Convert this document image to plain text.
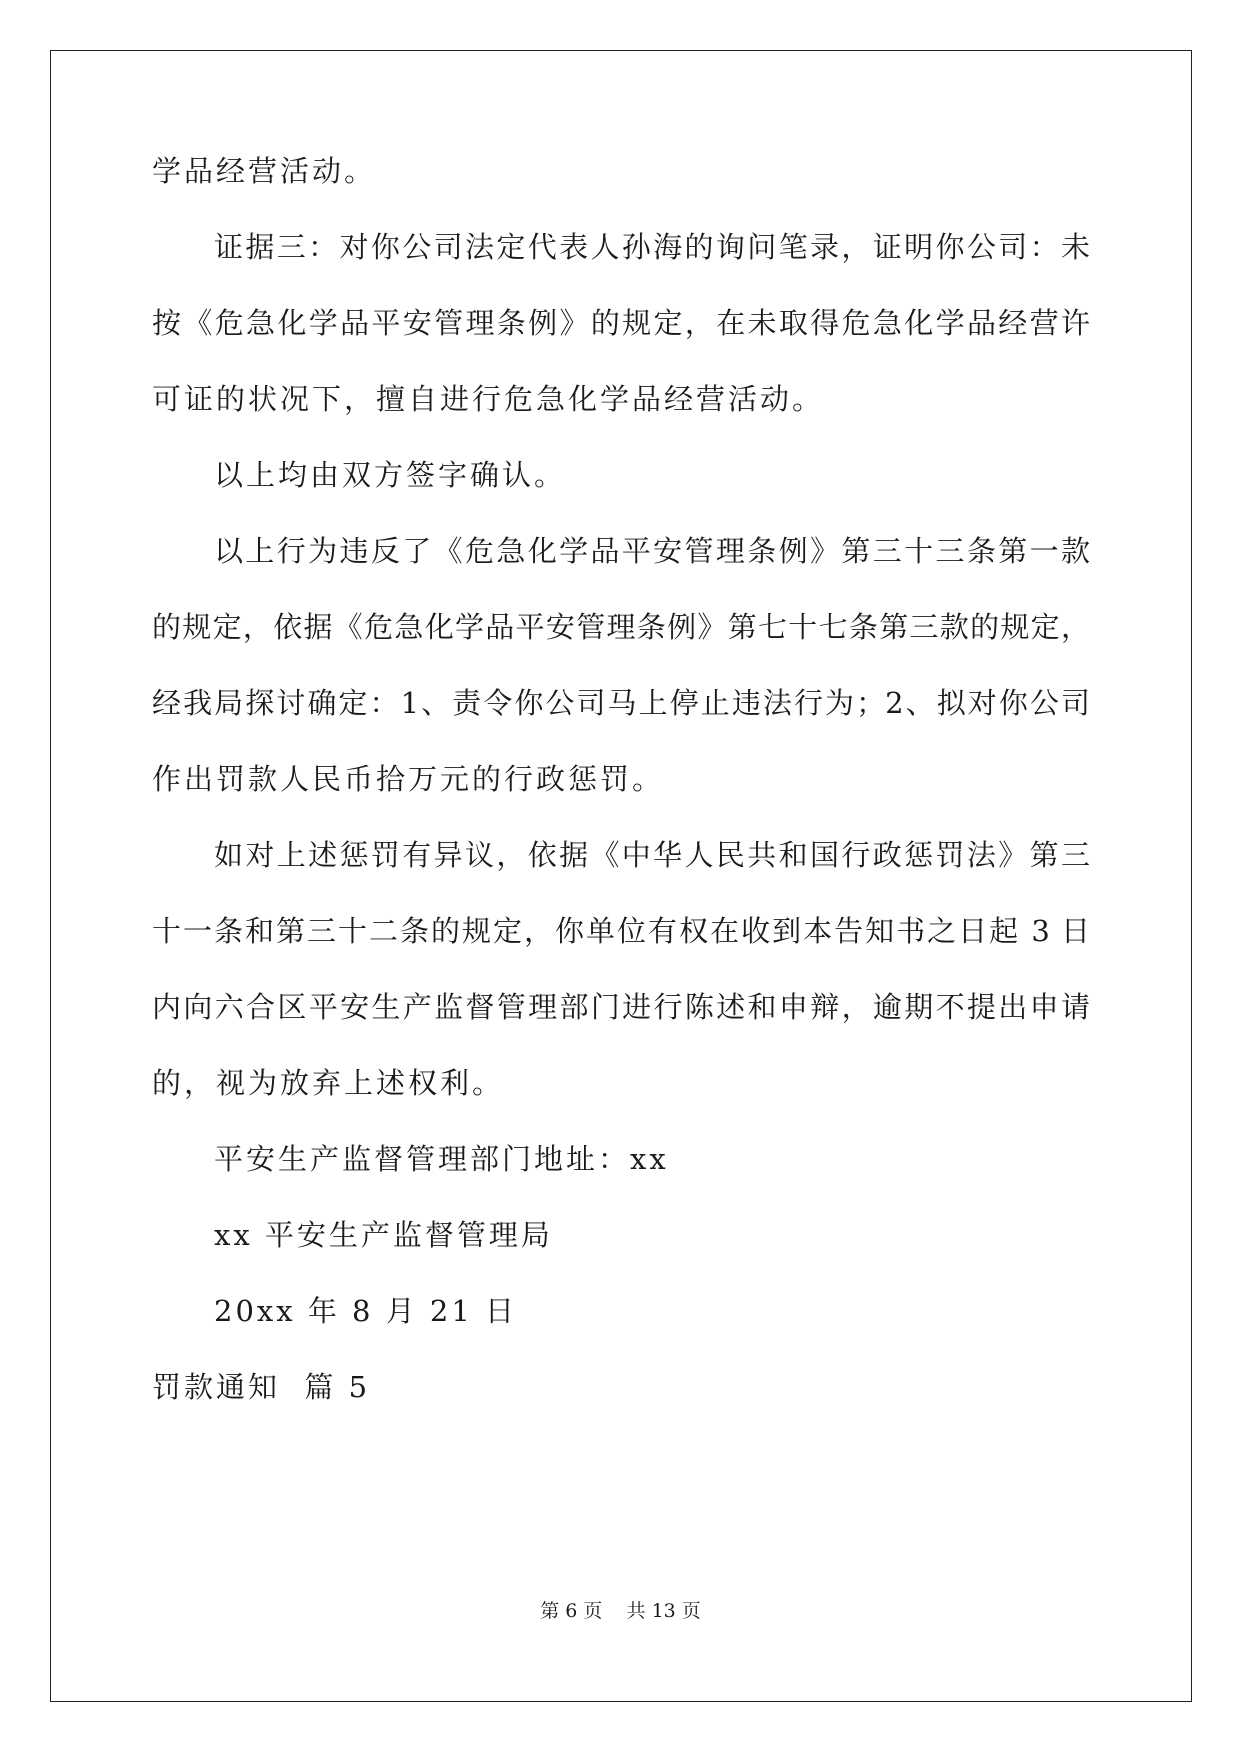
学品经营活动。
证据三：对你公司法定代表人孙海的询问笔录，证明你公司：未
按《危急化学品平安管理条例》的规定，在未取得危急化学品经营许
可证的状况下，擅自进行危急化学品经营活动。
以上均由双方签字确认。
以上行为违反了《危急化学品平安管理条例》第三十三条第一款
的规定，依据《危急化学品平安管理条例》第七十七条第三款的规定，
经我局探讨确定：1、责令你公司马上停止违法行为；2、拟对你公司
作出罚款人民币拾万元的行政惩罚。
如对上述惩罚有异议，依据《中华人民共和国行政惩罚法》第三
十一条和第三十二条的规定，你单位有权在收到本告知书之日起 3 日
内向六合区平安生产监督管理部门进行陈述和申辩，逾期不提出申请
的，视为放弃上述权利。
平安生产监督管理部门地址：xx
xx 平安生产监督管理局
20xx 年 8 月 21 日
罚款通知  篇 5
第 6 页    共 13 页
